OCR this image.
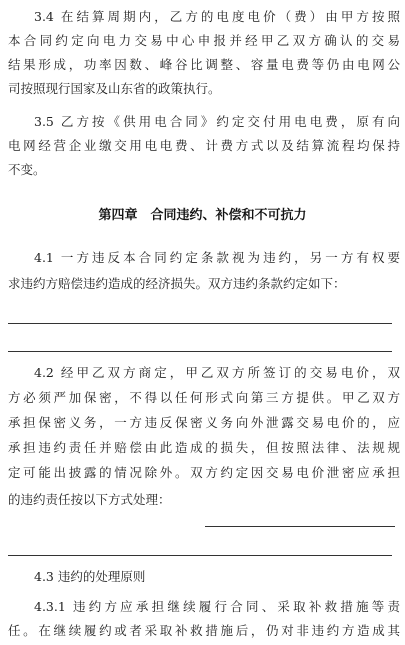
3.4 在结算周期内，乙方的电度电价（费）由甲方按照
本合同约定向电力交易中心申报并经甲乙双方确认的交易
结果形成，功率因数、峰谷比调整、容量电费等仍由电网公
司按照现行国家及山东省的政策执行。
3.5 乙方按《供用电合同》约定交付用电电费，原有向
电网经营企业缴交用电电费、计费方式以及结算流程均保持
不变。
第四章　合同违约、补偿和不可抗力
4.1 一方违反本合同约定条款视为违约，另一方有权要
求违约方赔偿违约造成的经济损失。双方违约条款约定如下：
4.2 经甲乙双方商定，甲乙双方所签订的交易电价，双
方必须严加保密，不得以任何形式向第三方提供。甲乙双方
承担保密义务，一方违反保密义务向外泄露交易电价的，应
承担违约责任并赔偿由此造成的损失，但按照法律、法规规
定可能出披露的情况除外。双方约定因交易电价泄密应承担
的违约责任按以下方式处理：
4.3 违约的处理原则
4.3.1 违约方应承担继续履行合同、采取补救措施等责
任。在继续履约或者采取补救措施后，仍对非违约方造成其
